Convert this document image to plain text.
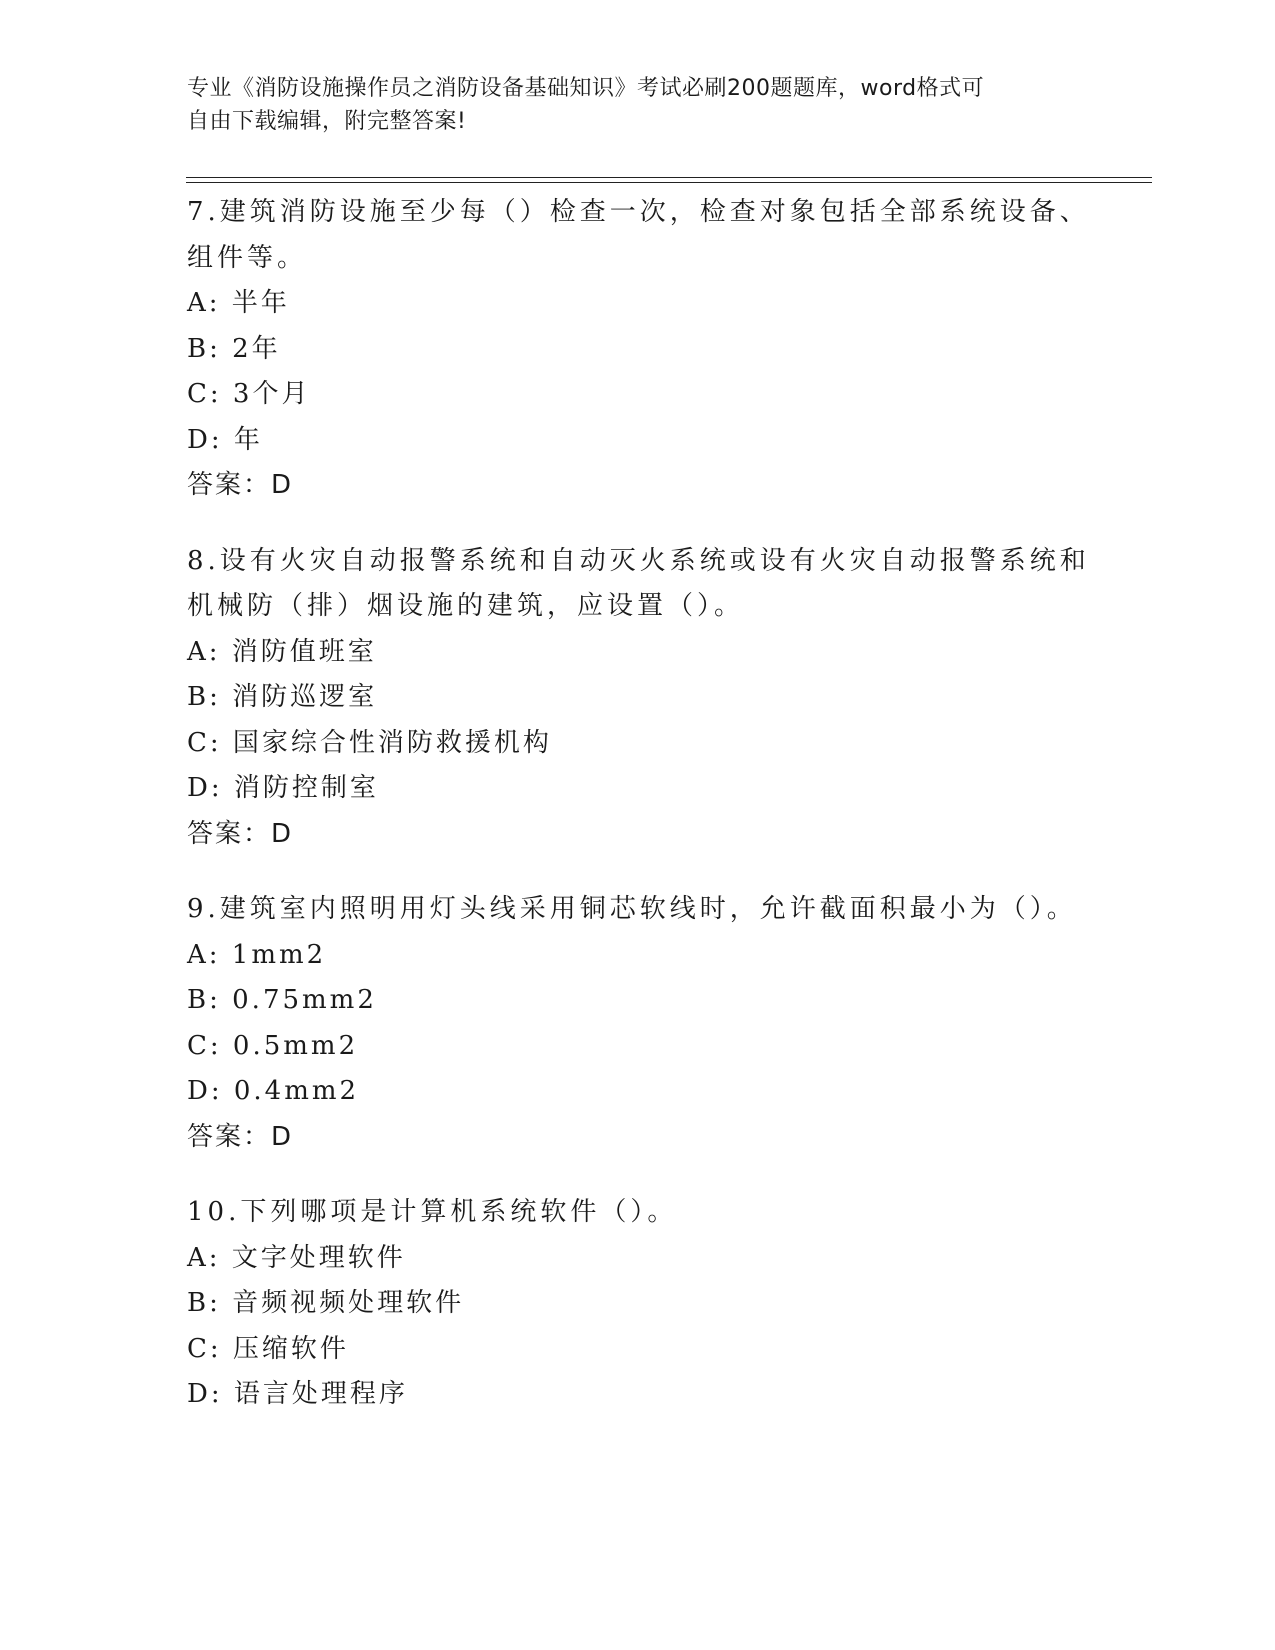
专业《消防设施操作员之消防设备基础知识》考试必刷200题题库，word格式可
自由下载编辑，附完整答案!
7.建筑消防设施至少每（）检查一次，检查对象包括全部系统设备、
组件等。
A: 半年
B: 2年
C: 3个月
D: 年
答案：D
8.设有火灾自动报警系统和自动灭火系统或设有火灾自动报警系统和
机械防（排）烟设施的建筑，应设置（）。
A: 消防值班室
B: 消防巡逻室
C: 国家综合性消防救援机构
D: 消防控制室
答案：D
9.建筑室内照明用灯头线采用铜芯软线时，允许截面积最小为（）。
A: 1mm2
B: 0.75mm2
C: 0.5mm2
D: 0.4mm2
答案：D
10.下列哪项是计算机系统软件（）。
A: 文字处理软件
B: 音频视频处理软件
C: 压缩软件
D: 语言处理程序
